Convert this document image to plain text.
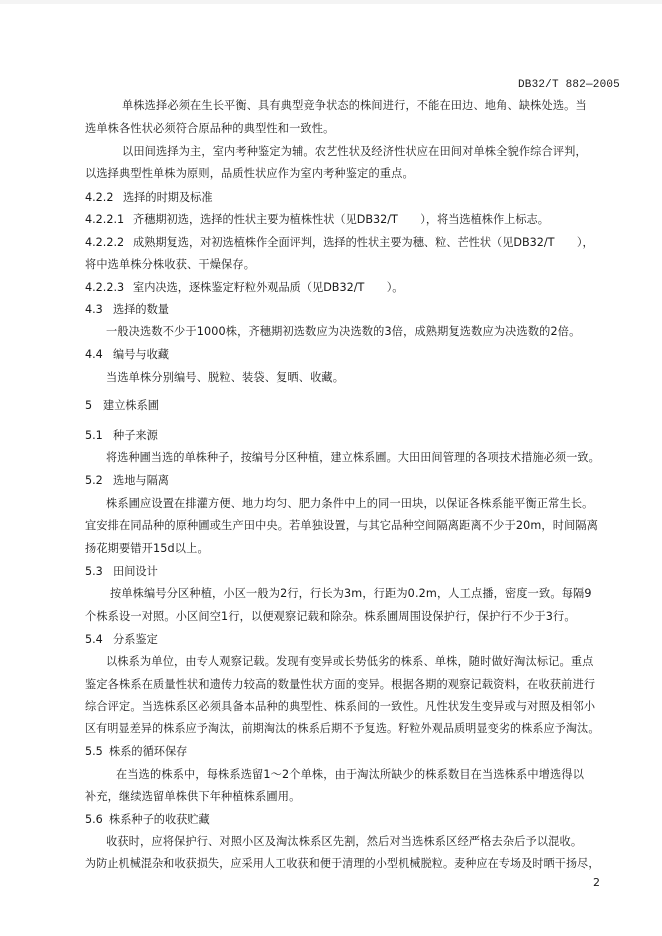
DB32/T 882—2005
单株选择必须在生长平衡、具有典型竞争状态的株间进行，不能在田边、地角、缺株处选。当
选单株各性状必须符合原品种的典型性和一致性。
以田间选择为主，室内考种鉴定为辅。农艺性状及经济性状应在田间对单株全貌作综合评判，
以选择典型性单株为原则，品质性状应作为室内考种鉴定的重点。
4.2.2 选择的时期及标准
4.2.2.1 齐穗期初选，选择的性状主要为植株性状（见DB32/T　　），将当选植株作上标志。
4.2.2.2 成熟期复选，对初选植株作全面评判，选择的性状主要为穗、粒、芒性状（见DB32/T　　），
将中选单株分株收获、干燥保存。
4.2.2.3 室内决选，逐株鉴定籽粒外观品质（见DB32/T　　）。
4.3 选择的数量
一般决选数不少于1000株，齐穗期初选数应为决选数的3倍，成熟期复选数应为决选数的2倍。
4.4 编号与收藏
当选单株分别编号、脱粒、装袋、复晒、收藏。
5 建立株系圃
5.1 种子来源
将选种圃当选的单株种子，按编号分区种植，建立株系圃。大田田间管理的各项技术措施必须一致。
5.2 选地与隔离
株系圃应设置在排灌方便、地力均匀、肥力条件中上的同一田块，以保证各株系能平衡正常生长。
宜安排在同品种的原种圃或生产田中央。若单独设置，与其它品种空间隔离距离不少于20m，时间隔离
扬花期要错开15d以上。
5.3 田间设计
按单株编号分区种植，小区一般为2行，行长为3m，行距为0.2m，人工点播，密度一致。每隔9
个株系设一对照。小区间空1行，以便观察记载和除杂。株系圃周围设保护行，保护行不少于3行。
5.4 分系鉴定
以株系为单位，由专人观察记载。发现有变异或长势低劣的株系、单株，随时做好淘汰标记。重点
鉴定各株系在质量性状和遗传力较高的数量性状方面的变异。根据各期的观察记载资料，在收获前进行
综合评定。当选株系区必须具备本品种的典型性、株系间的一致性。凡性状发生变异或与对照及相邻小
区有明显差异的株系应予淘汰，前期淘汰的株系后期不予复选。籽粒外观品质明显变劣的株系应予淘汰。
5.5 株系的循环保存
在当选的株系中，每株系选留1～2个单株，由于淘汰所缺少的株系数目在当选株系中增选得以
补充，继续选留单株供下年种植株系圃用。
5.6 株系种子的收获贮藏
收获时，应将保护行、对照小区及淘汰株系区先割，然后对当选株系区经严格去杂后予以混收。
为防止机械混杂和收获损失，应采用人工收获和便于清理的小型机械脱粒。麦种应在专场及时晒干扬尽，
2
